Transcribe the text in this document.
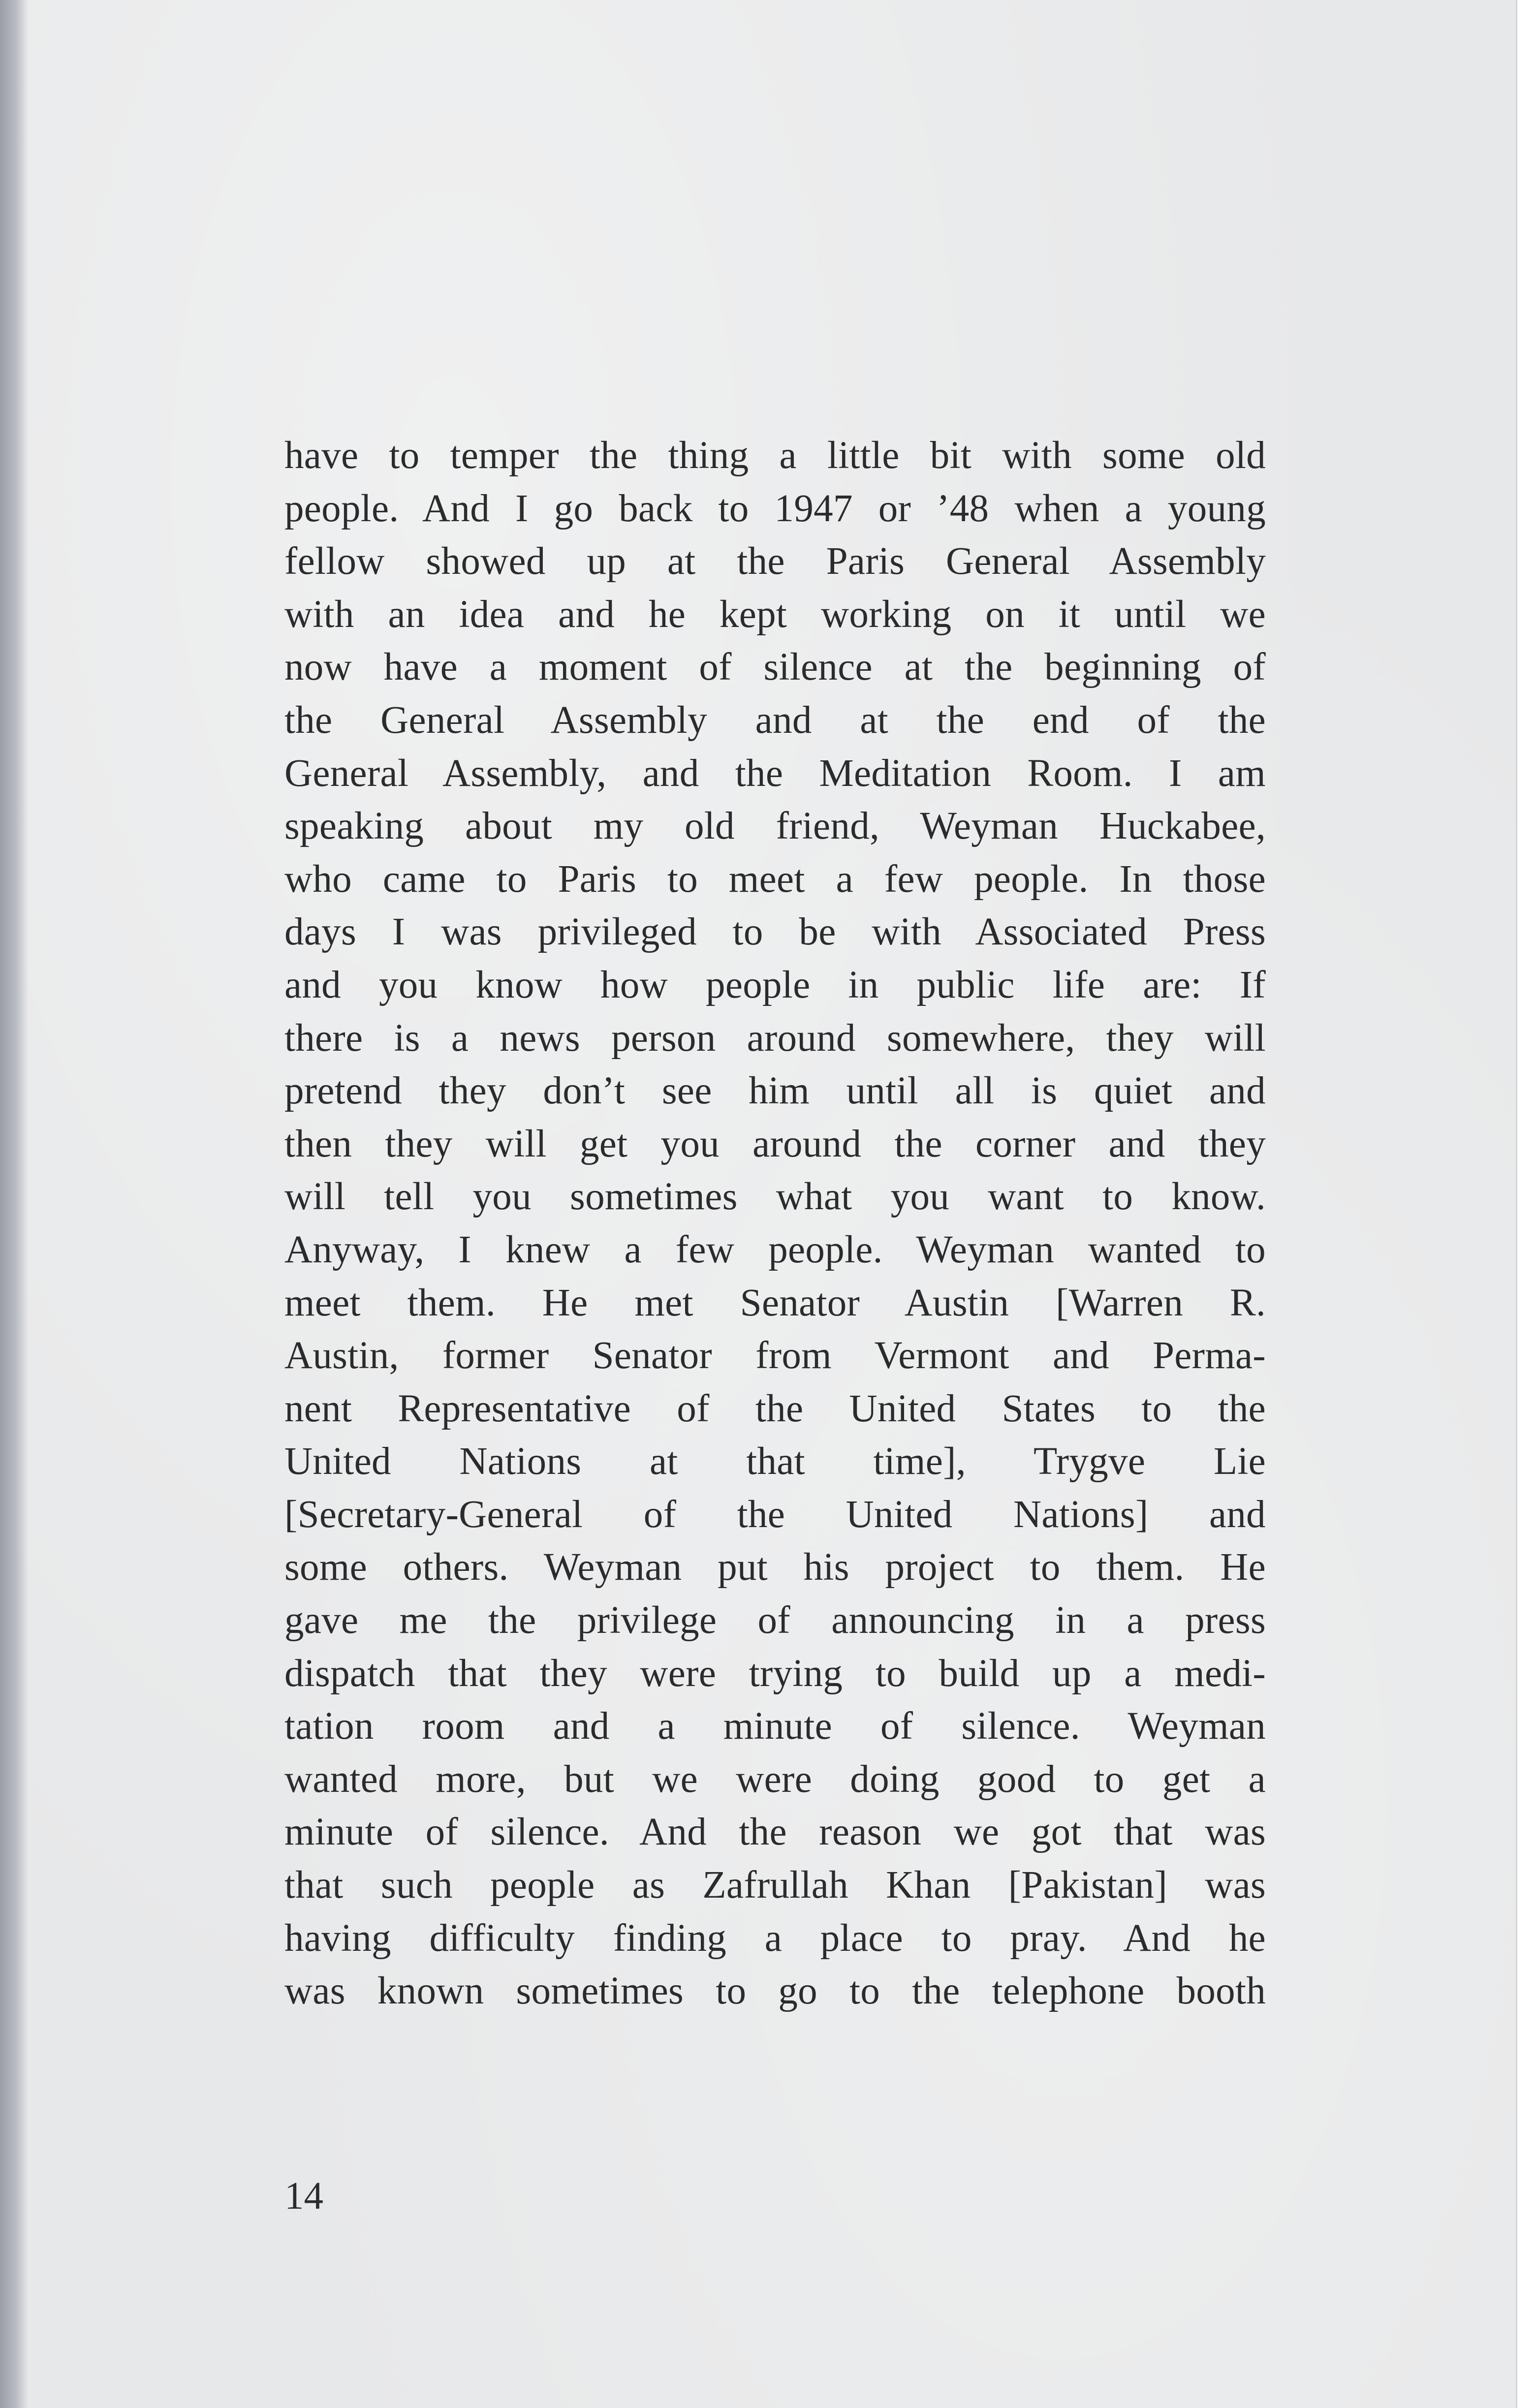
have to temper the thing a little bit with some old
people. And I go back to 1947 or ’48 when a young
fellow showed up at the Paris General Assembly
with an idea and he kept working on it until we
now have a moment of silence at the beginning of
the General Assembly and at the end of the
General Assembly, and the Meditation Room. I am
speaking about my old friend, Weyman Huckabee,
who came to Paris to meet a few people. In those
days I was privileged to be with Associated Press
and you know how people in public life are: If
there is a news person around somewhere, they will
pretend they don’t see him until all is quiet and
then they will get you around the corner and they
will tell you sometimes what you want to know.
Anyway, I knew a few people. Weyman wanted to
meet them. He met Senator Austin [Warren R.
Austin, former Senator from Vermont and Perma-
nent Representative of the United States to the
United Nations at that time], Trygve Lie
[Secretary-General of the United Nations] and
some others. Weyman put his project to them. He
gave me the privilege of announcing in a press
dispatch that they were trying to build up a medi-
tation room and a minute of silence. Weyman
wanted more, but we were doing good to get a
minute of silence. And the reason we got that was
that such people as Zafrullah Khan [Pakistan] was
having difficulty finding a place to pray. And he
was known sometimes to go to the telephone booth
14
